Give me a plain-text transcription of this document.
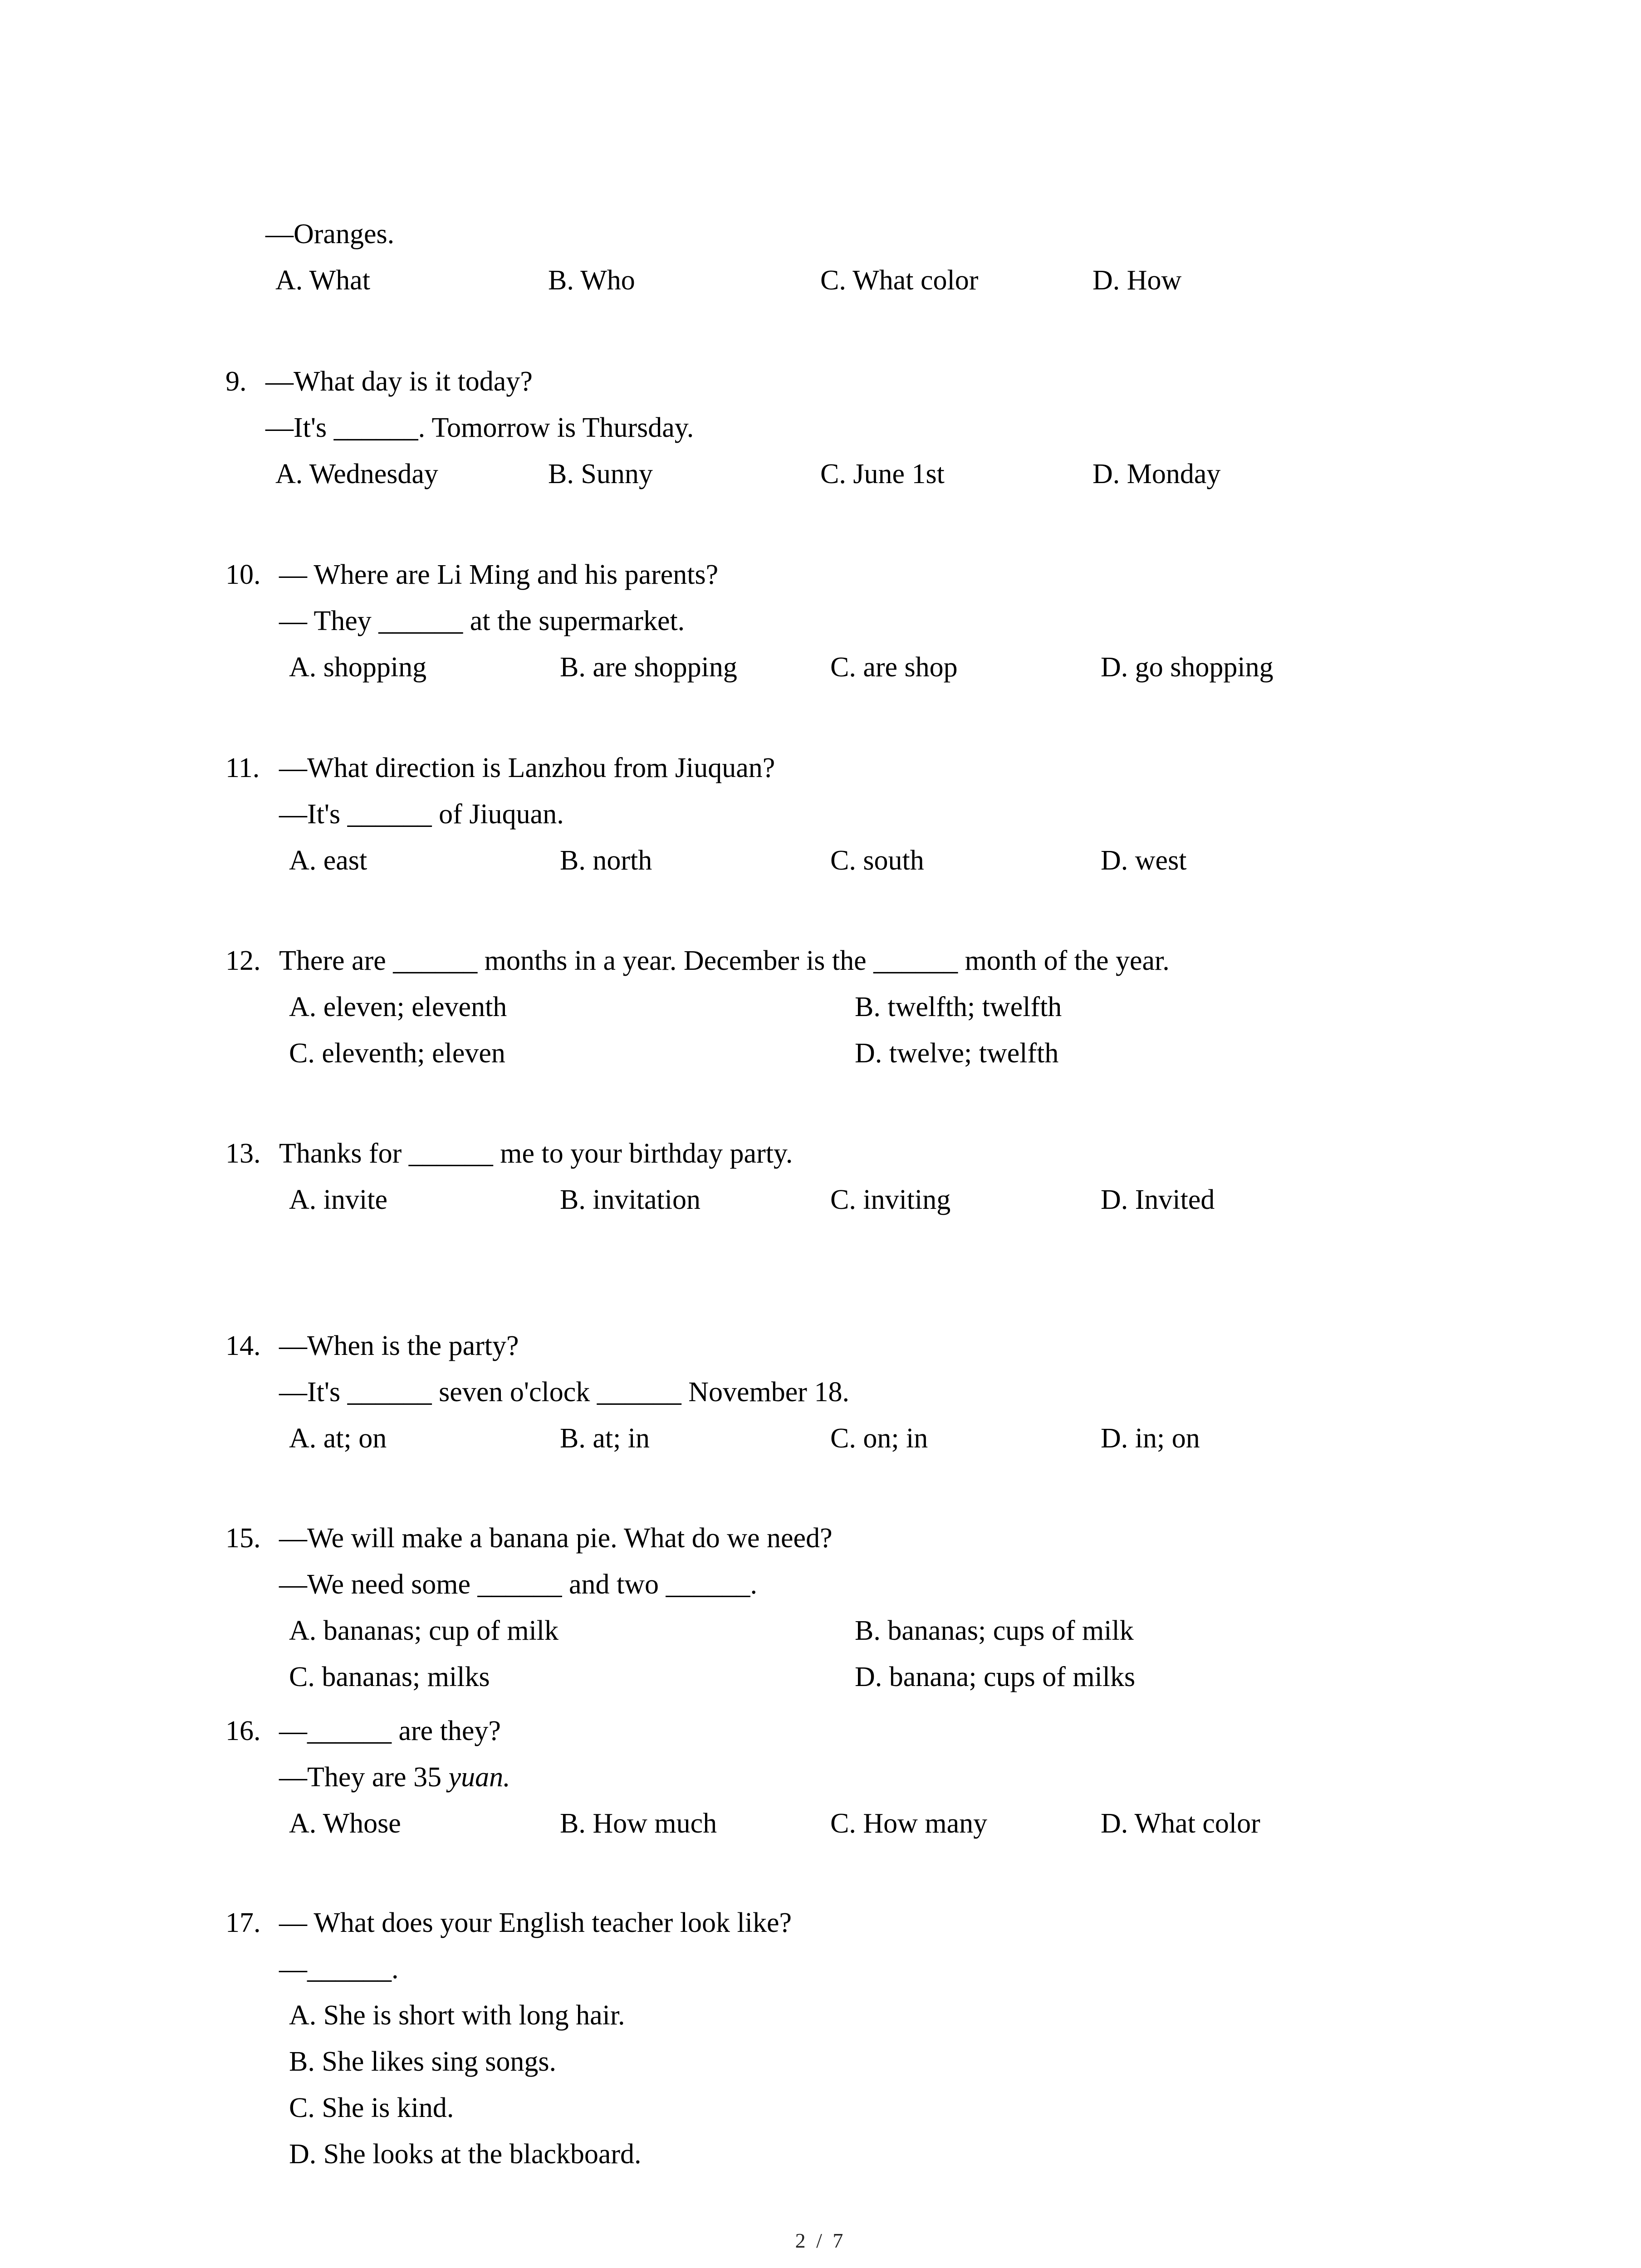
—Oranges.
A. What	B. Who	C. What color	D. How
9. —What day is it today?
—It's ______. Tomorrow is Thursday.
A. Wednesday	B. Sunny	C. June 1st	D. Monday
10. — Where are Li Ming and his parents?
— They ______ at the supermarket.
A. shopping	B. are shopping	C. are shop	D. go shopping
11. —What direction is Lanzhou from Jiuquan?
—It's ______ of Jiuquan.
A. east	B. north	C. south	D. west
12. There are ______ months in a year. December is the ______ month of the year.
A. eleven; eleventh	B. twelfth; twelfth
C. eleventh; eleven	D. twelve; twelfth
13. Thanks for ______ me to your birthday party.
A. invite	B. invitation	C. inviting	D. Invited
14. —When is the party?
—It's ______ seven o'clock ______ November 18.
A. at; on	B. at; in	C. on; in	D. in; on
15. —We will make a banana pie. What do we need?
—We need some ______ and two ______.
A. bananas; cup of milk	B. bananas; cups of milk
C. bananas; milks	D. banana; cups of milks
16. —______ are they?
—They are 35 yuan.
A. Whose	B. How much	C. How many	D. What color
17. — What does your English teacher look like?
—______.
A. She is short with long hair.
B. She likes sing songs.
C. She is kind.
D. She looks at the blackboard.
2 / 7
